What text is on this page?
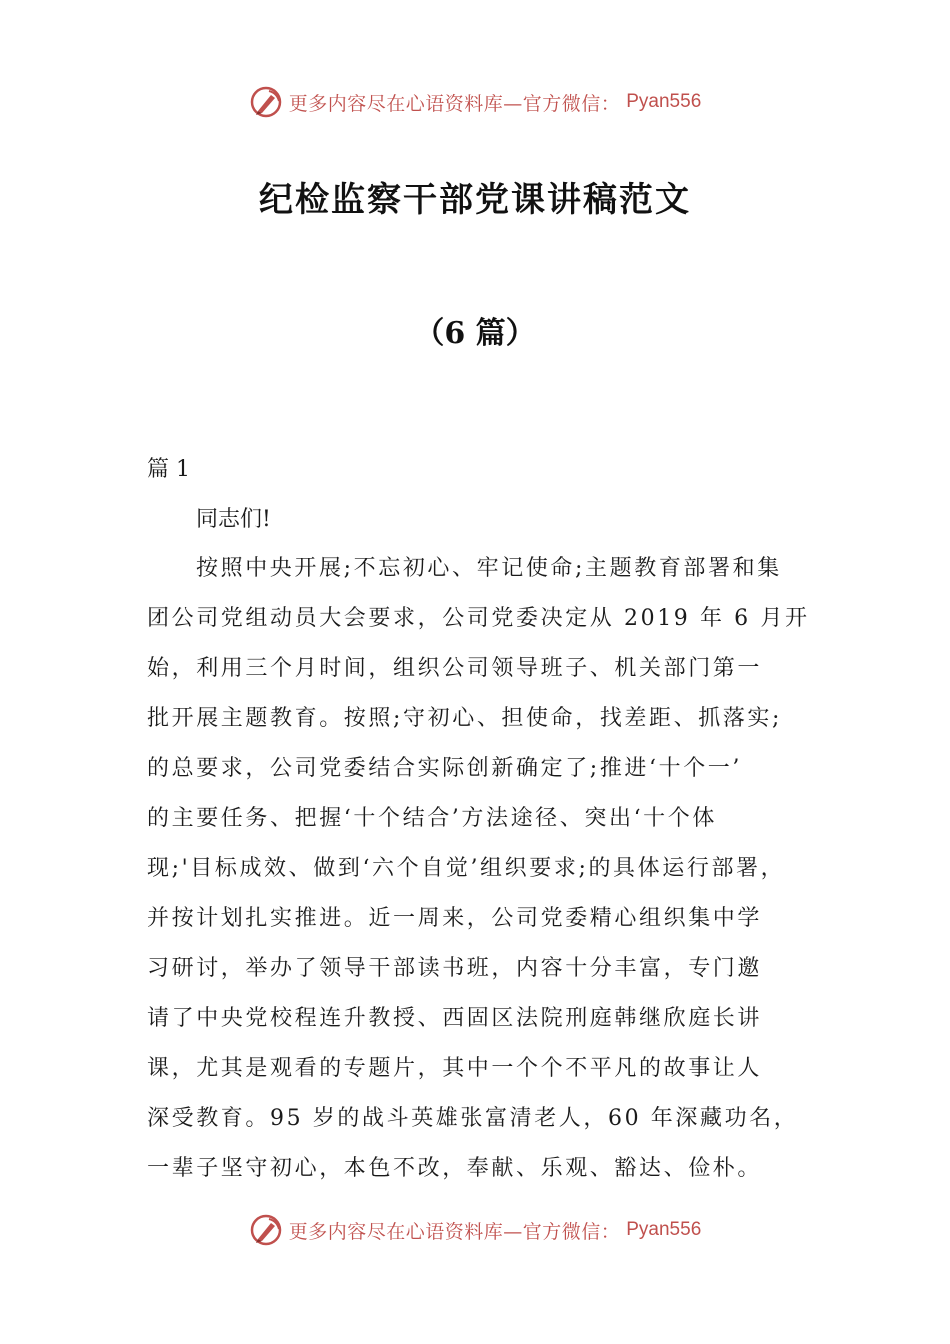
更多内容尽在心语资料库—官方微信： Pyan556
纪检监察干部党课讲稿范文
（6 篇）
篇 1
同志们!
按照中央开展;不忘初心、牢记使命;主题教育部署和集
团公司党组动员大会要求，公司党委决定从 2019 年 6 月开
始，利用三个月时间，组织公司领导班子、机关部门第一
批开展主题教育。按照;守初心、担使命，找差距、抓落实;
的总要求，公司党委结合实际创新确定了;推进‘十个一’
的主要任务、把握‘十个结合’方法途径、突出‘十个体
现;'目标成效、做到‘六个自觉’组织要求;的具体运行部署，
并按计划扎实推进。近一周来，公司党委精心组织集中学
习研讨，举办了领导干部读书班，内容十分丰富，专门邀
请了中央党校程连升教授、西固区法院刑庭韩继欣庭长讲
课，尤其是观看的专题片，其中一个个不平凡的故事让人
深受教育。95 岁的战斗英雄张富清老人，60 年深藏功名，
一辈子坚守初心，本色不改，奉献、乐观、豁达、俭朴。
更多内容尽在心语资料库—官方微信： Pyan556
